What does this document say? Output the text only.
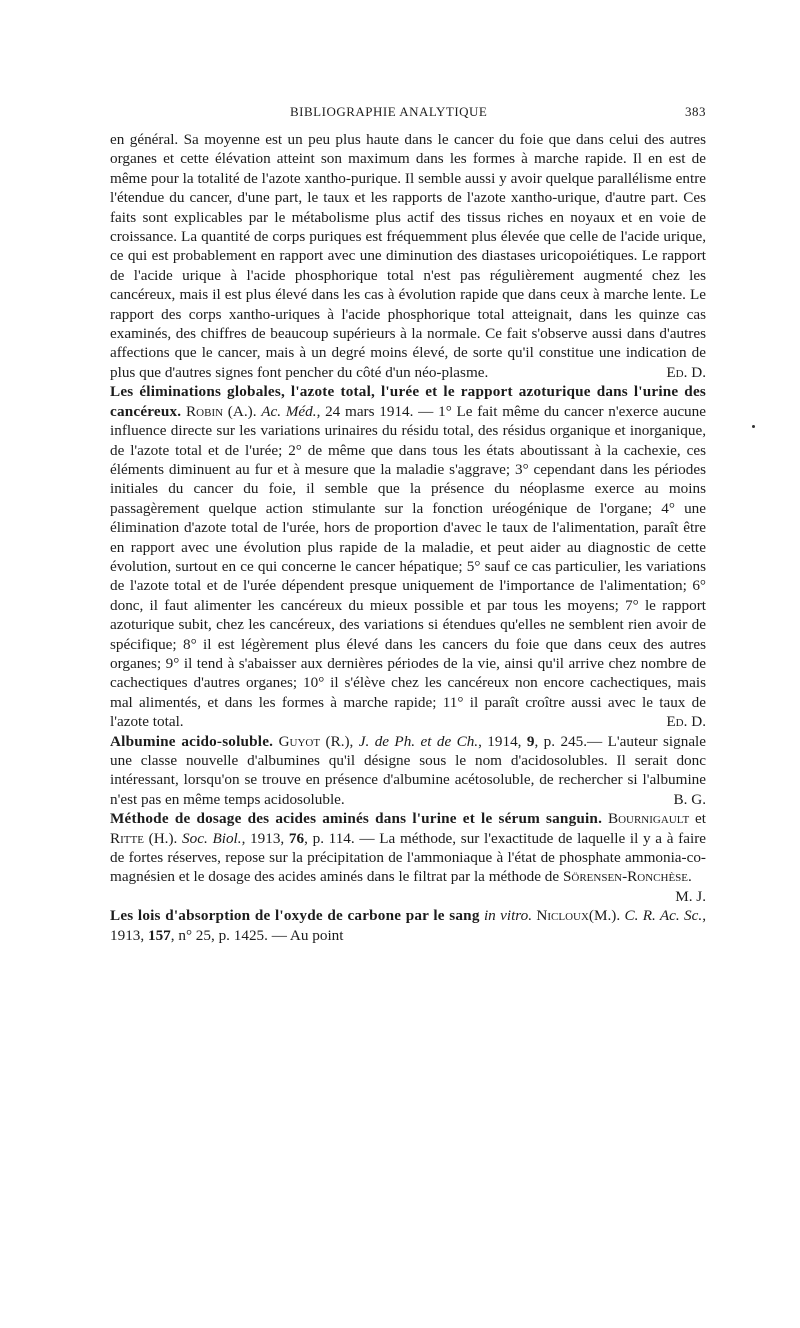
BIBLIOGRAPHIE ANALYTIQUE	383

en général. Sa moyenne est un peu plus haute dans le cancer du foie que dans celui des autres organes et cette élévation atteint son maximum dans les formes à marche rapide. Il en est de même pour la totalité de l'azote xantho-purique. Il semble aussi y avoir quelque parallélisme entre l'étendue du cancer, d'une part, le taux et les rapports de l'azote xantho-urique, d'autre part. Ces faits sont explicables par le métabolisme plus actif des tissus riches en noyaux et en voie de croissance. La quantité de corps puriques est fréquemment plus élevée que celle de l'acide urique, ce qui est probablement en rapport avec une diminution des diastases uricopoiétiques. Le rapport de l'acide urique à l'acide phosphorique total n'est pas régulièrement augmenté chez les cancéreux, mais il est plus élevé dans les cas à évolution rapide que dans ceux à marche lente. Le rapport des corps xantho-uriques à l'acide phosphorique total atteignait, dans les quinze cas examinés, des chiffres de beaucoup supérieurs à la normale. Ce fait s'observe aussi dans d'autres affections que le cancer, mais à un degré moins élevé, de sorte qu'il constitue une indication de plus que d'autres signes font pencher du côté d'un néo-plasme.	Ed. D.

Les éliminations globales, l'azote total, l'urée et le rapport azoturique dans l'urine des cancéreux. Robin (A.). Ac. Méd., 24 mars 1914. — 1° Le fait même du cancer n'exerce aucune influence directe sur les variations urinaires du résidu total, des résidus organique et inorganique, de l'azote total et de l'urée; 2° de même que dans tous les états aboutissant à la cachexie, ces éléments diminuent au fur et à mesure que la maladie s'aggrave; 3° cependant dans les périodes initiales du cancer du foie, il semble que la présence du néoplasme exerce au moins passagèrement quelque action stimulante sur la fonction uréogénique de l'organe; 4° une élimination d'azote total de l'urée, hors de proportion d'avec le taux de l'alimentation, paraît être en rapport avec une évolution plus rapide de la maladie, et peut aider au diagnostic de cette évolution, surtout en ce qui concerne le cancer hépatique; 5° sauf ce cas particulier, les variations de l'azote total et de l'urée dépendent presque uniquement de l'importance de l'alimentation; 6° donc, il faut alimenter les cancéreux du mieux possible et par tous les moyens; 7° le rapport azoturique subit, chez les cancéreux, des variations si étendues qu'elles ne semblent rien avoir de spécifique; 8° il est légèrement plus élevé dans les cancers du foie que dans ceux des autres organes; 9° il tend à s'abaisser aux dernières périodes de la vie, ainsi qu'il arrive chez nombre de cachectiques d'autres organes; 10° il s'élève chez les cancéreux non encore cachectiques, mais mal alimentés, et dans les formes à marche rapide; 11° il paraît croître aussi avec le taux de l'azote total.	Ed. D.

Albumine acido-soluble. Guyot (R.), J. de Ph. et de Ch., 1914, 9, p. 245.— L'auteur signale une classe nouvelle d'albumines qu'il désigne sous le nom d'acidosolubles. Il serait donc intéressant, lorsqu'on se trouve en présence d'albumine acétosoluble, de rechercher si l'albumine n'est pas en même temps acidosoluble.	B. G.

Méthode de dosage des acides aminés dans l'urine et le sérum sanguin. Bournigault et Ritte (H.). Soc. Biol., 1913, 76, p. 114. — La méthode, sur l'exactitude de laquelle il y a à faire de fortes réserves, repose sur la précipitation de l'ammoniaque à l'état de phosphate ammonia-co-magnésien et le dosage des acides aminés dans le filtrat par la méthode de Sörensen-Ronchèse.
M. J.

Les lois d'absorption de l'oxyde de carbone par le sang in vitro. Nicloux(M.). C. R. Ac. Sc., 1913, 157, n° 25, p. 1425. — Au point
